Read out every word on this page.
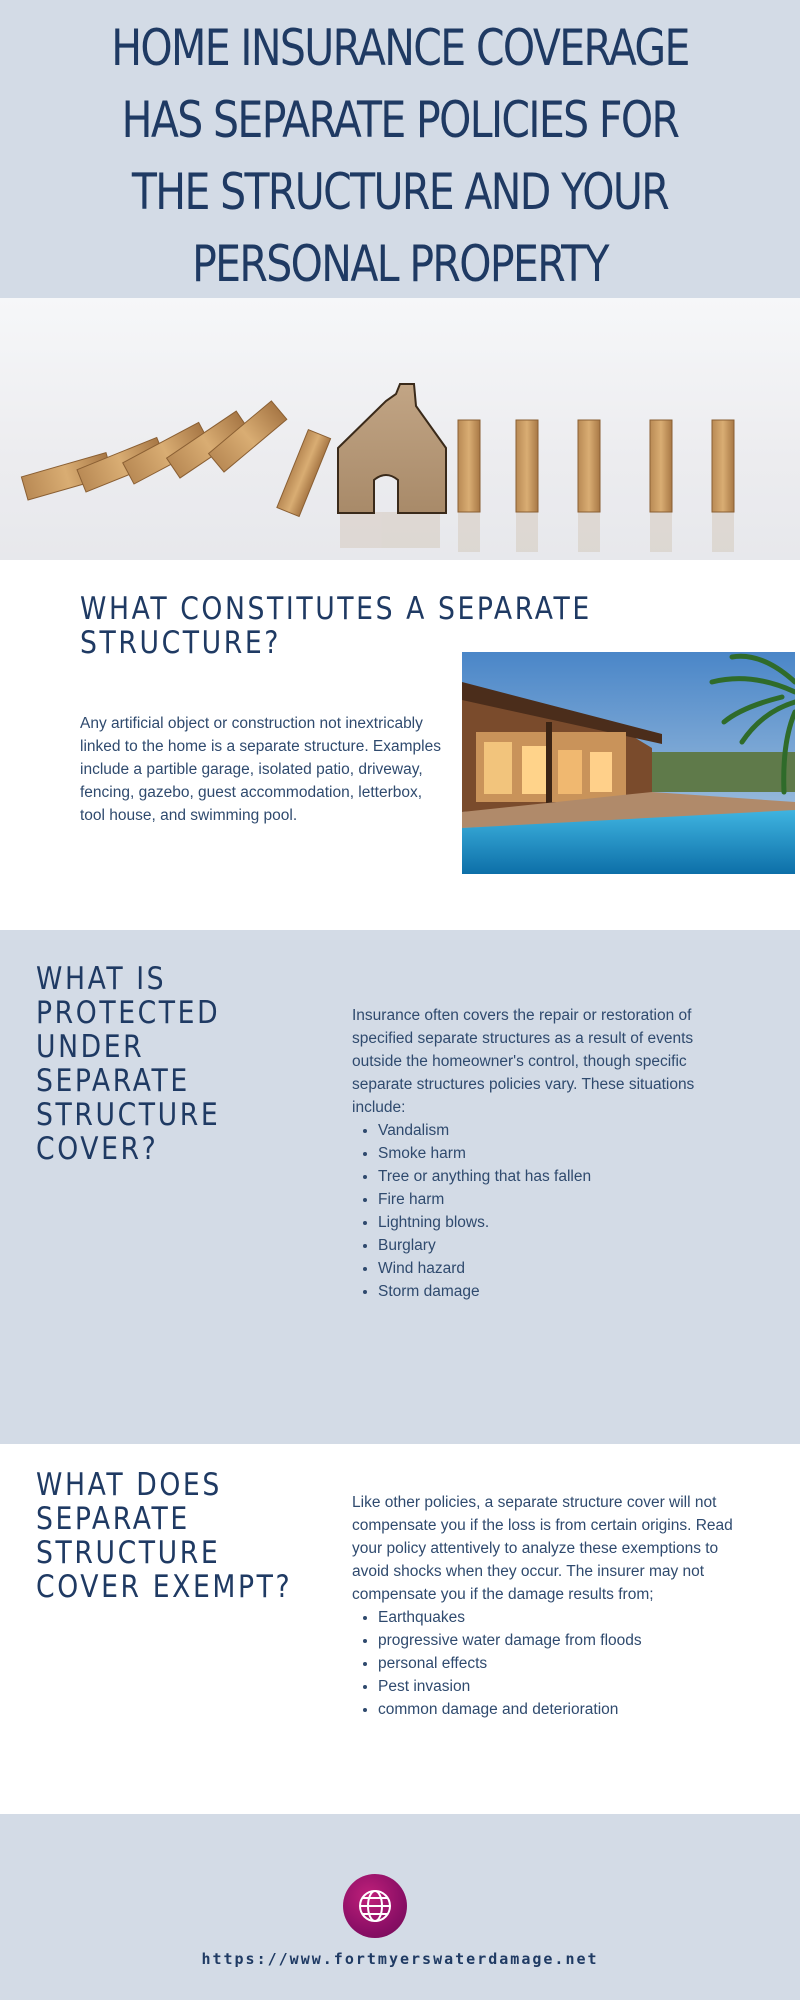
HOME INSURANCE COVERAGE HAS SEPARATE POLICIES FOR THE STRUCTURE AND YOUR PERSONAL PROPERTY
WHAT CONSTITUTES A SEPARATE STRUCTURE?

Any artificial object or construction not inextricably linked to the home is a separate structure. Examples include a partible garage, isolated patio, driveway, fencing, gazebo, guest accommodation, letterbox, tool house, and swimming pool.

WHAT IS PROTECTED UNDER SEPARATE STRUCTURE COVER?

Insurance often covers the repair or restoration of specified separate structures as a result of events outside the homeowner's control, though specific separate structures policies vary. These situations include:

• Vandalism
• Smoke harm
• Tree or anything that has fallen
• Fire harm
• Lightning blows.
• Burglary
• Wind hazard
• Storm damage
WHAT DOES SEPARATE STRUCTURE COVER EXEMPT?

Like other policies, a separate structure cover will not compensate you if the loss is from certain origins. Read your policy attentively to analyze these exemptions to avoid shocks when they occur. The insurer may not compensate you if the damage results from;

• Earthquakes
• progressive water damage from floods
• personal effects
• Pest invasion
• common damage and deterioration
https://www.fortmyerswaterdamage.net
